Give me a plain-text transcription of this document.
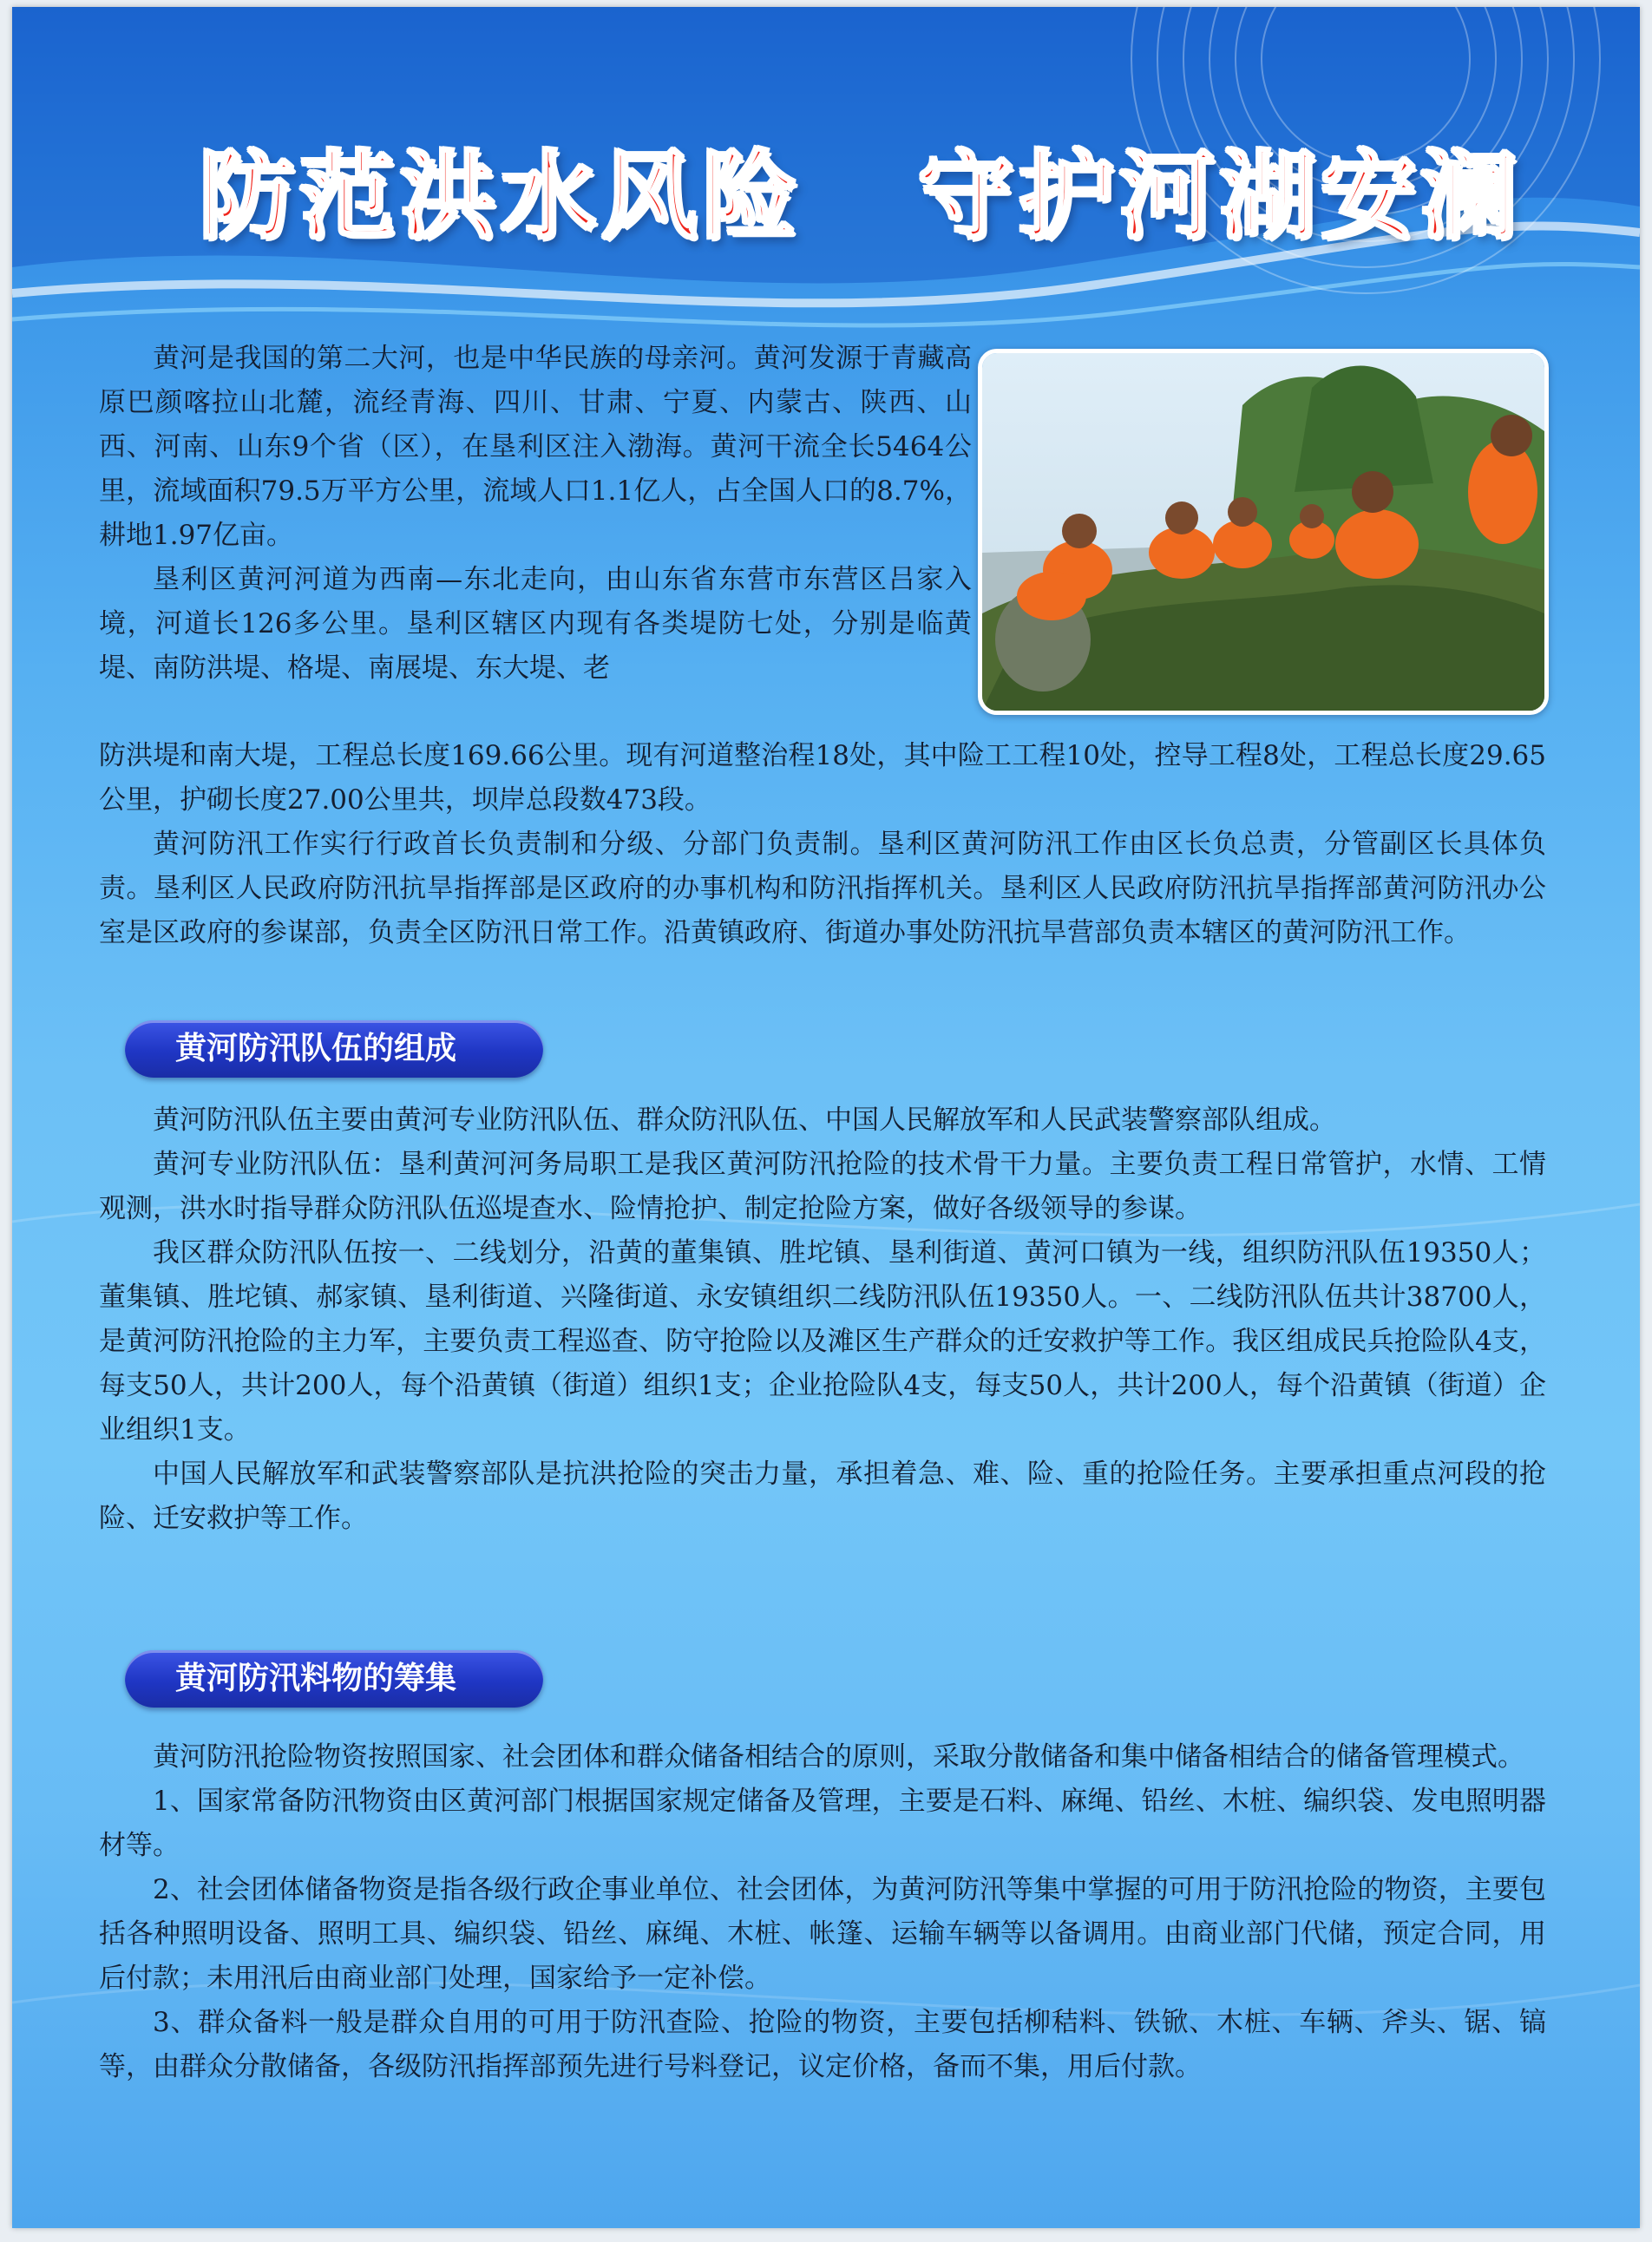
防范洪水风险   守护河湖安澜

黄河是我国的第二大河，也是中华民族的母亲河。黄河发源于青藏高原巴颜喀拉山北麓，流经青海、四川、甘肃、宁夏、内蒙古、陕西、山西、河南、山东9个省（区），在垦利区注入渤海。黄河干流全长5464公里，流域面积79.5万平方公里，流域人口1.1亿人，占全国人口的8.7%，耕地1.97亿亩。

垦利区黄河河道为西南—东北走向，由山东省东营市东营区吕家入境，河道长126多公里。垦利区辖区内现有各类堤防七处，分别是临黄堤、南防洪堤、格堤、南展堤、东大堤、老

防洪堤和南大堤，工程总长度169.66公里。现有河道整治程18处，其中险工工程10处，控导工程8处，工程总长度29.65公里，护砌长度27.00公里共，坝岸总段数473段。

黄河防汛工作实行行政首长负责制和分级、分部门负责制。垦利区黄河防汛工作由区长负总责，分管副区长具体负责。垦利区人民政府防汛抗旱指挥部是区政府的办事机构和防汛指挥机关。垦利区人民政府防汛抗旱指挥部黄河防汛办公室是区政府的参谋部，负责全区防汛日常工作。沿黄镇政府、街道办事处防汛抗旱营部负责本辖区的黄河防汛工作。

黄河防汛队伍的组成

黄河防汛队伍主要由黄河专业防汛队伍、群众防汛队伍、中国人民解放军和人民武装警察部队组成。

黄河专业防汛队伍：垦利黄河河务局职工是我区黄河防汛抢险的技术骨干力量。主要负责工程日常管护，水情、工情观测，洪水时指导群众防汛队伍巡堤查水、险情抢护、制定抢险方案，做好各级领导的参谋。

我区群众防汛队伍按一、二线划分，沿黄的董集镇、胜坨镇、垦利街道、黄河口镇为一线，组织防汛队伍19350人；董集镇、胜坨镇、郝家镇、垦利街道、兴隆街道、永安镇组织二线防汛队伍19350人。一、二线防汛队伍共计38700人，是黄河防汛抢险的主力军，主要负责工程巡查、防守抢险以及滩区生产群众的迁安救护等工作。我区组成民兵抢险队4支，每支50人，共计200人，每个沿黄镇（街道）组织1支；企业抢险队4支，每支50人，共计200人，每个沿黄镇（街道）企业组织1支。

中国人民解放军和武装警察部队是抗洪抢险的突击力量，承担着急、难、险、重的抢险任务。主要承担重点河段的抢险、迁安救护等工作。

黄河防汛料物的筹集

黄河防汛抢险物资按照国家、社会团体和群众储备相结合的原则，采取分散储备和集中储备相结合的储备管理模式。

1、国家常备防汛物资由区黄河部门根据国家规定储备及管理，主要是石料、麻绳、铅丝、木桩、编织袋、发电照明器材等。

2、社会团体储备物资是指各级行政企事业单位、社会团体，为黄河防汛等集中掌握的可用于防汛抢险的物资，主要包括各种照明设备、照明工具、编织袋、铅丝、麻绳、木桩、帐篷、运输车辆等以备调用。由商业部门代储，预定合同，用后付款；未用汛后由商业部门处理，国家给予一定补偿。

3、群众备料一般是群众自用的可用于防汛查险、抢险的物资，主要包括柳秸料、铁锨、木桩、车辆、斧头、锯、镐等，由群众分散储备，各级防汛指挥部预先进行号料登记，议定价格，备而不集，用后付款。
